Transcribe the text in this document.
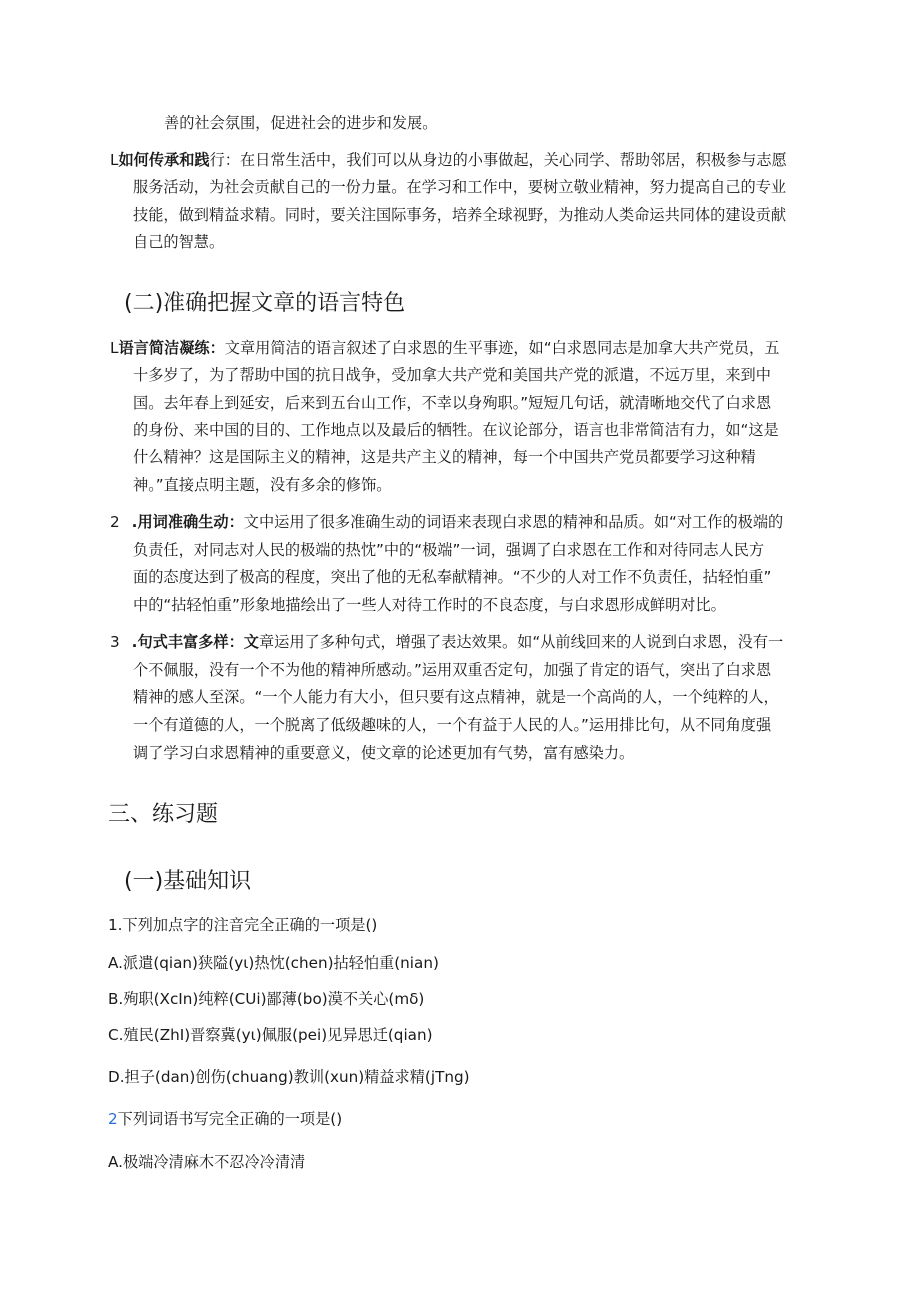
善的社会氛围，促进社会的进步和发展。
L如何传承和践行：在日常生活中，我们可以从身边的小事做起，关心同学、帮助邻居，积极参与志愿
服务活动，为社会贡献自己的一份力量。在学习和工作中，要树立敬业精神，努力提高自己的专业
技能，做到精益求精。同时，要关注国际事务，培养全球视野，为推动人类命运共同体的建设贡献
自己的智慧。
(二)准确把握文章的语言特色
L语言简洁凝练：文章用简洁的语言叙述了白求恩的生平事迹，如“白求恩同志是加拿大共产党员，五
十多岁了，为了帮助中国的抗日战争，受加拿大共产党和美国共产党的派遣，不远万里，来到中
国。去年春上到延安，后来到五台山工作，不幸以身殉职。”短短几句话，就清晰地交代了白求恩
的身份、来中国的目的、工作地点以及最后的牺牲。在议论部分，语言也非常简洁有力，如“这是
什么精神？这是国际主义的精神，这是共产主义的精神，每一个中国共产党员都要学习这种精
神。”直接点明主题，没有多余的修饰。
2 .用词准确生动：文中运用了很多准确生动的词语来表现白求恩的精神和品质。如“对工作的极端的
负责任，对同志对人民的极端的热忱”中的“极端”一词，强调了白求恩在工作和对待同志人民方
面的态度达到了极高的程度，突出了他的无私奉献精神。“不少的人对工作不负责任，拈轻怕重”
中的“拈轻怕重”形象地描绘出了一些人对待工作时的不良态度，与白求恩形成鲜明对比。
3 .句式丰富多样：文章运用了多种句式，增强了表达效果。如“从前线回来的人说到白求恩，没有一
个不佩服，没有一个不为他的精神所感动。”运用双重否定句，加强了肯定的语气，突出了白求恩
精神的感人至深。“一个人能力有大小，但只要有这点精神，就是一个高尚的人，一个纯粹的人，
一个有道德的人，一个脱离了低级趣味的人，一个有益于人民的人。”运用排比句，从不同角度强
调了学习白求恩精神的重要意义，使文章的论述更加有气势，富有感染力。
三、练习题
(一)基础知识
1.下列加点字的注音完全正确的一项是()
A.派遣(qian)狭隘(yι)热忱(chen)拈轻怕重(nian)
B.殉职(XcIn)纯粹(CUi)鄙薄(bo)漠不关心(mδ)
C.殖民(ZhI)晋察冀(yι)佩服(pei)见异思迁(qian)
D.担子(dan)创伤(chuang)教训(xun)精益求精(jTng)
2下列词语书写完全正确的一项是()
A.极端冷清麻木不忍冷冷清清
